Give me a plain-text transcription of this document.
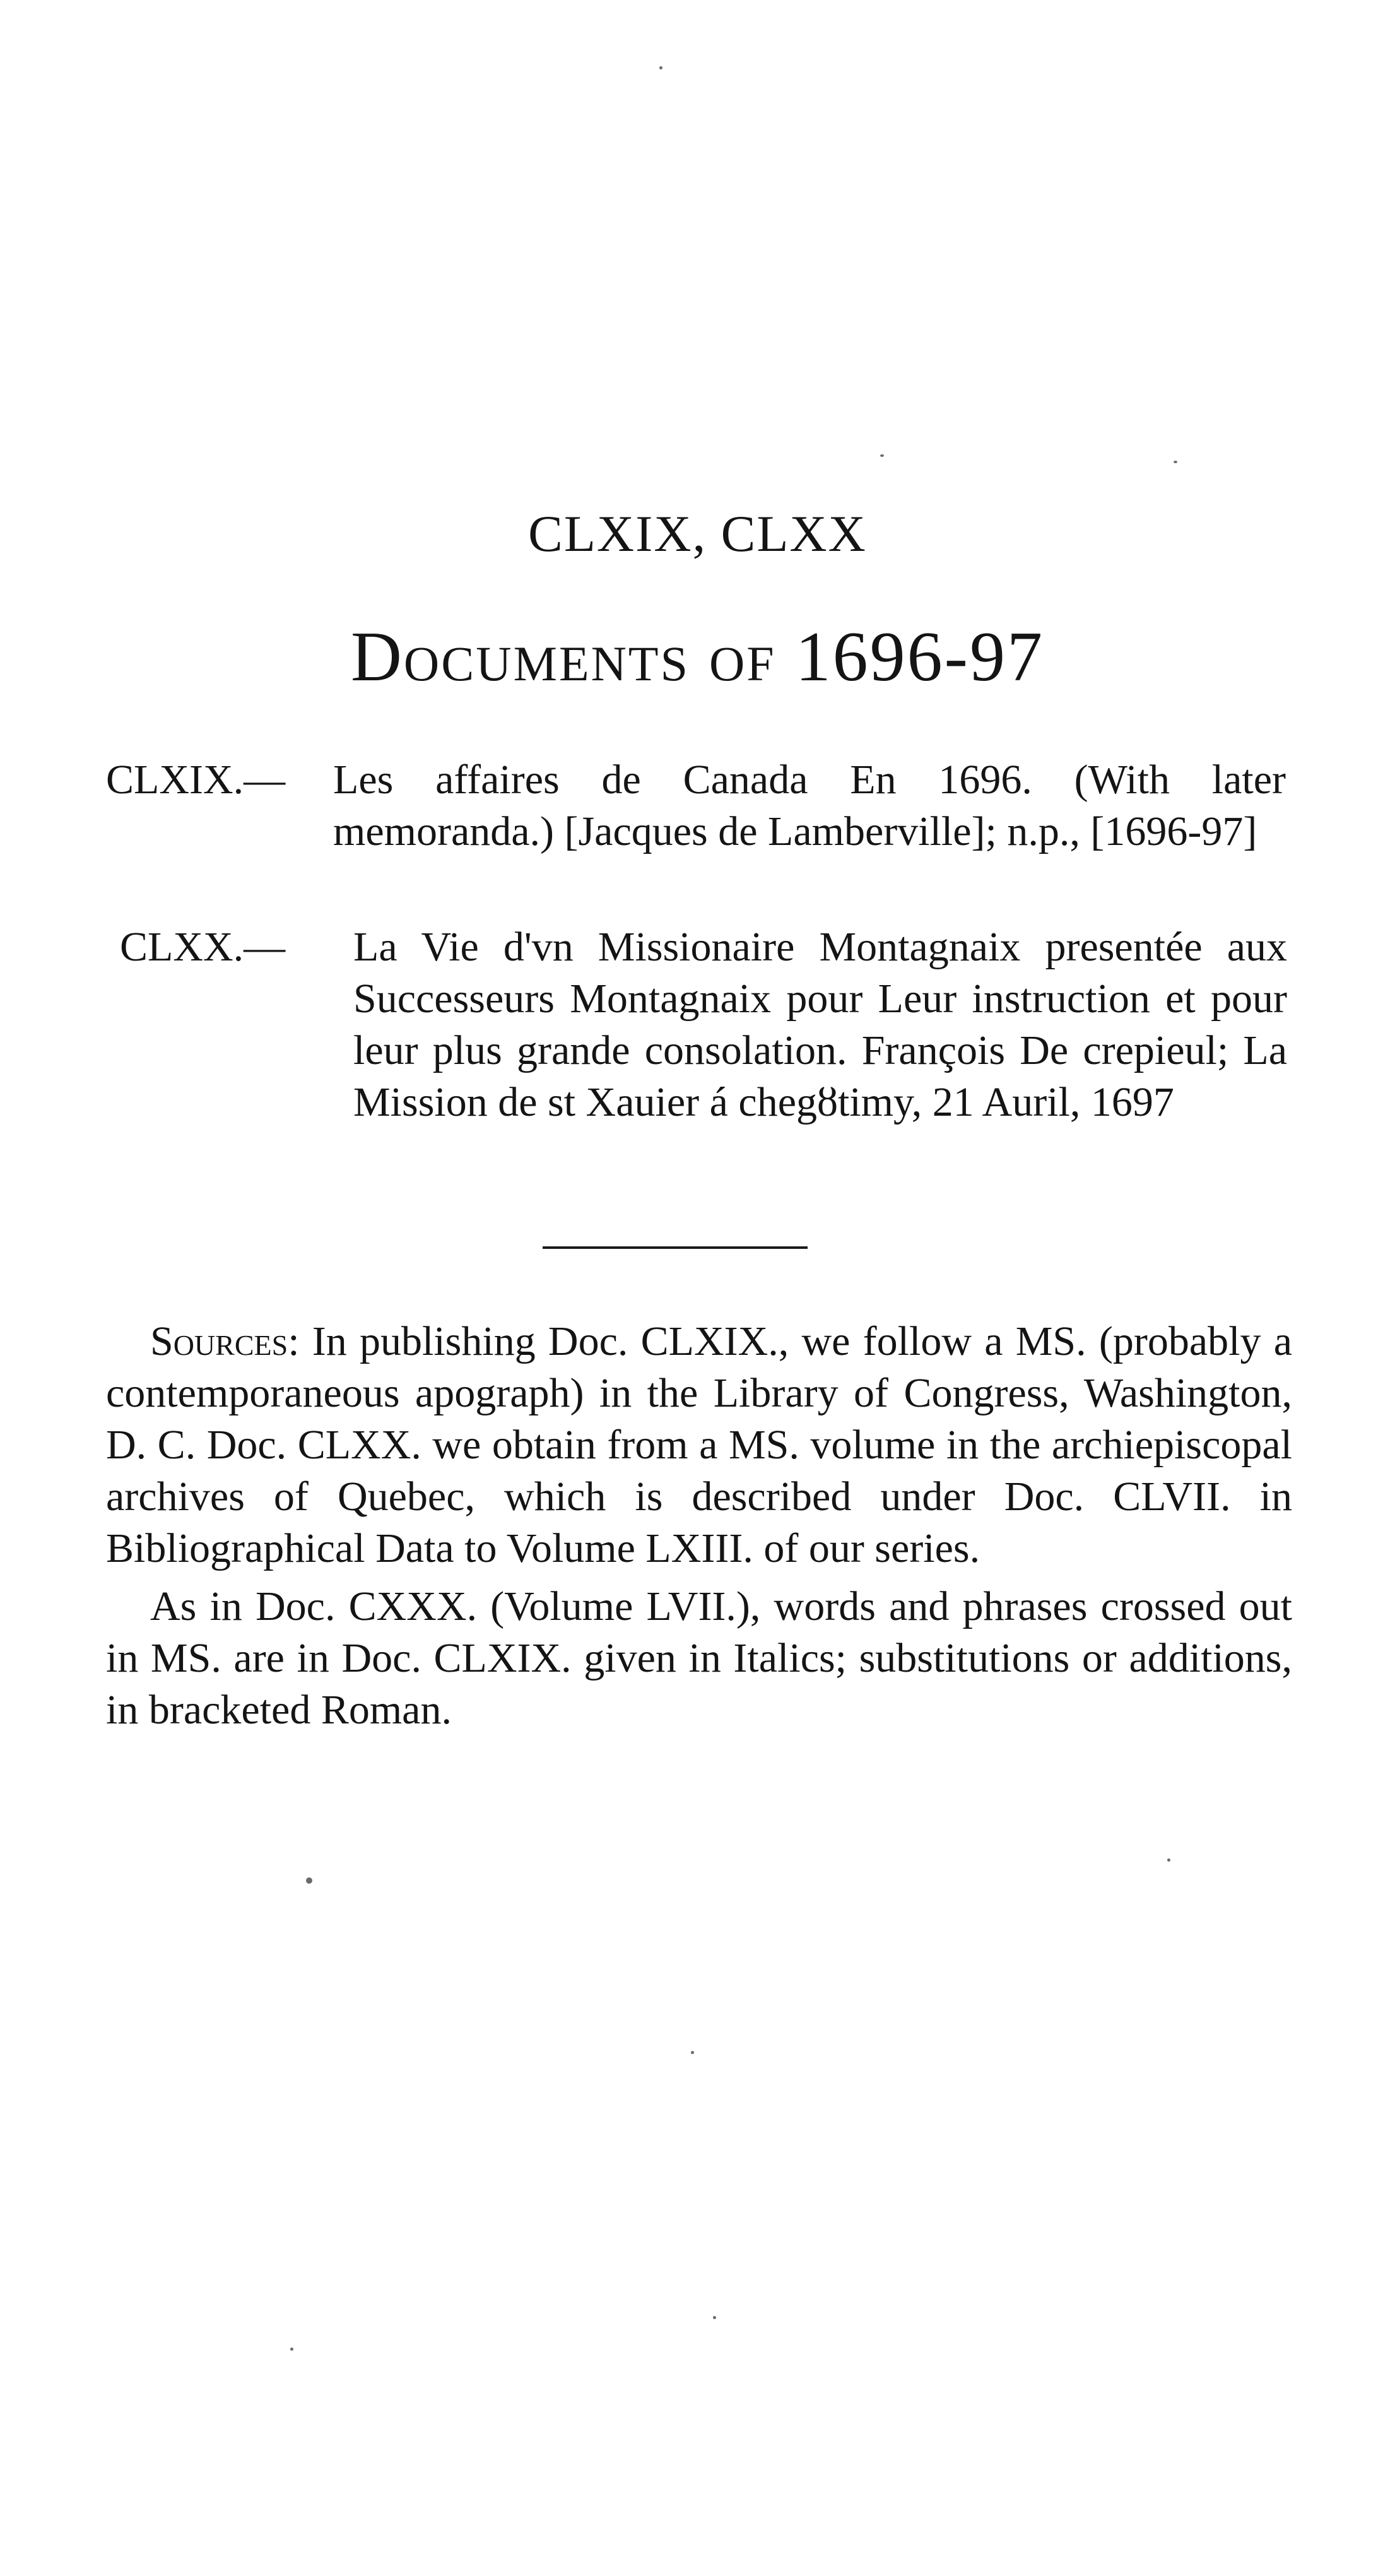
CLXIX, CLXX
Documents of 1696-97
CLXIX.— Les affaires de Canada En 1696. (With later memoranda.) [Jacques de Lamberville]; n.p., [1696-97]
CLXX.— La Vie d'vn Missionaire Montagnaix presentée aux Successeurs Montagnaix pour Leur instruction et pour leur plus grande consolation. François De crepieul; La Mission de st Xauier á chegȣtimy, 21 Auril, 1697

Sources: In publishing Doc. CLXIX., we follow a MS. (probably a contemporaneous apograph) in the Library of Congress, Washington, D. C. Doc. CLXX. we obtain from a MS. volume in the archiepiscopal archives of Quebec, which is described under Doc. CLVII. in Bibliographical Data to Volume LXIII. of our series.

As in Doc. CXXX. (Volume LVII.), words and phrases crossed out in MS. are in Doc. CLXIX. given in Italics; substitutions or additions, in bracketed Roman.
